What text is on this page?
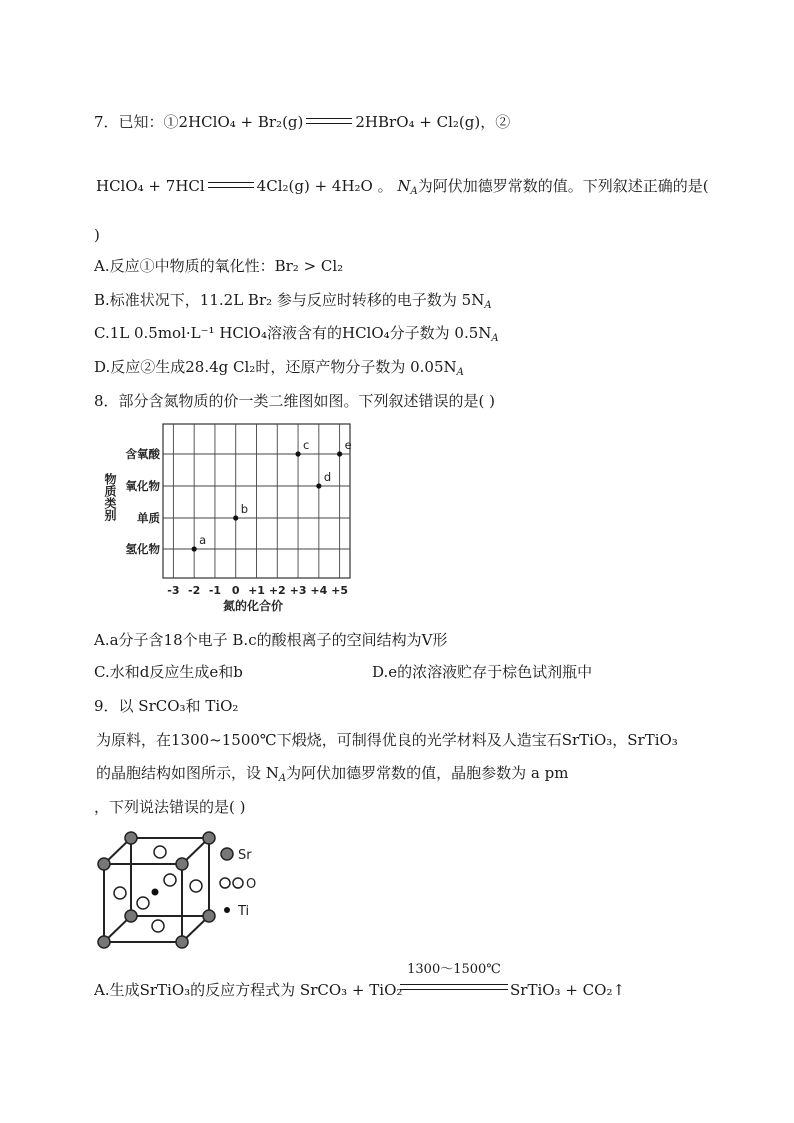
7．已知：①2HClO₄ + Br₂(g)	2HBrO₄ + Cl₂(g)，②
HClO₄ + 7HCl	4Cl₂(g) + 4H₂O 。 $N_A$为阿伏加德罗常数的值。下列叙述正确的是(
)
A.反应①中物质的氧化性：Br₂ > Cl₂
B.标准状况下，11.2L Br₂ 参与反应时转移的电子数为 $5N_A$
C.1L 0.5mol·L⁻¹ HClO₄溶液含有的HClO₄分子数为 $0.5N_A$
D.反应②生成28.4g Cl₂时，还原产物分子数为 $0.05N_A$
8．部分含氮物质的价一类二维图如图。下列叙述错误的是( )
氢化物
单质
氧化物
含氧酸
-3 -2 -1 0 +1 +2 +3 +4 +5
a
b
c
d
e
物质类别
氮的化合价
A.a分子含18个电子 B.c的酸根离子的空间结构为V形
C.水和d反应生成e和b	D.e的浓溶液贮存于棕色试剂瓶中
9．以 SrCO₃和 TiO₂
为原料，在1300~1500℃下煅烧，可制得优良的光学材料及人造宝石SrTiO₃，SrTiO₃
的晶胞结构如图所示，设 $N_A$为阿伏加德罗常数的值，晶胞参数为 a pm
，下列说法错误的是( )
Sr
O
Ti
A.生成SrTiO₃的反应方程式为 SrCO₃ + TiO₂
1300～1500℃
SrTiO₃ + CO₂↑
